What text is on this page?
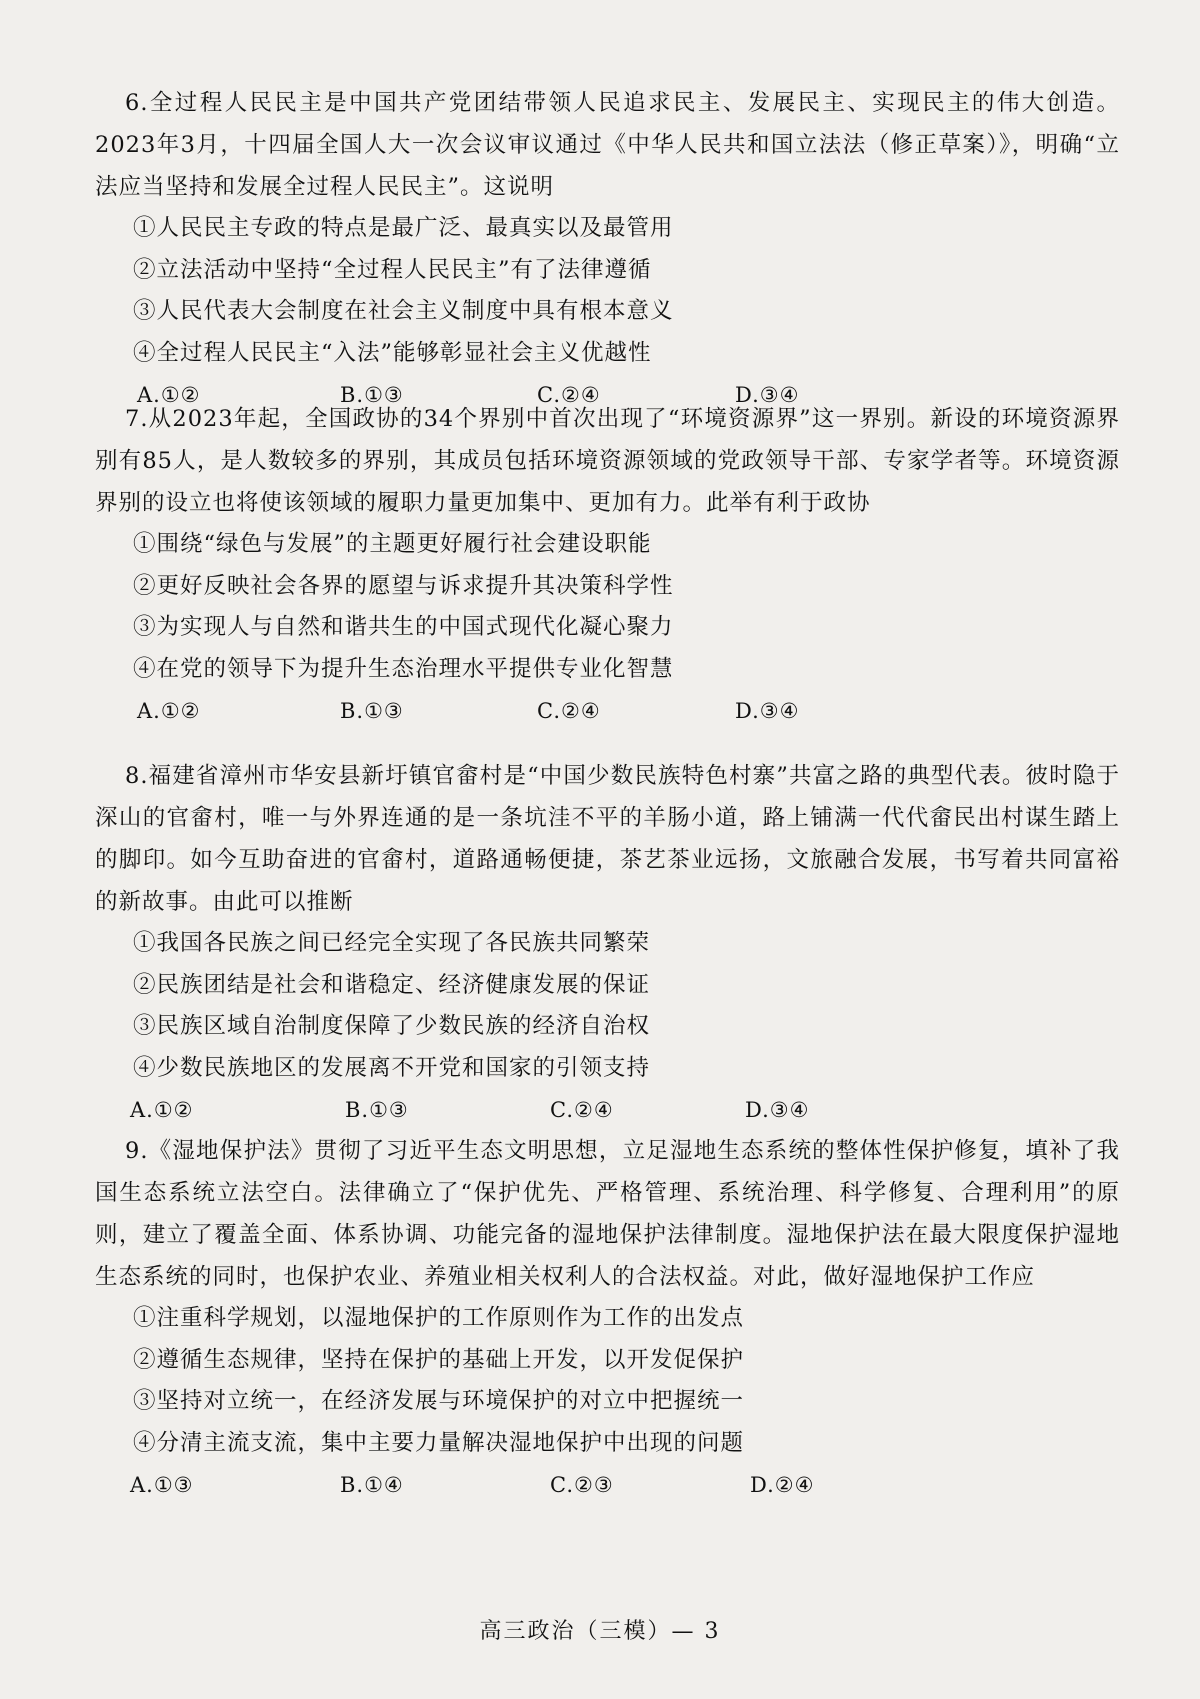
6.全过程人民民主是中国共产党团结带领人民追求民主、发展民主、实现民主的伟大创造。2023年3月，十四届全国人大一次会议审议通过《中华人民共和国立法法（修正草案）》，明确“立法应当坚持和发展全过程人民民主”。这说明

①人民民主专政的特点是最广泛、最真实以及最管用

②立法活动中坚持“全过程人民民主”有了法律遵循

③人民代表大会制度在社会主义制度中具有根本意义

④全过程人民民主“入法”能够彰显社会主义优越性

A.①②	B.①③	C.②④	D.③④

7.从2023年起，全国政协的34个界别中首次出现了“环境资源界”这一界别。新设的环境资源界别有85人，是人数较多的界别，其成员包括环境资源领域的党政领导干部、专家学者等。环境资源界别的设立也将使该领域的履职力量更加集中、更加有力。此举有利于政协

①围绕“绿色与发展”的主题更好履行社会建设职能

②更好反映社会各界的愿望与诉求提升其决策科学性

③为实现人与自然和谐共生的中国式现代化凝心聚力

④在党的领导下为提升生态治理水平提供专业化智慧

A.①②	B.①③	C.②④	D.③④

8.福建省漳州市华安县新圩镇官畲村是“中国少数民族特色村寨”共富之路的典型代表。彼时隐于深山的官畲村，唯一与外界连通的是一条坑洼不平的羊肠小道，路上铺满一代代畲民出村谋生踏上的脚印。如今互助奋进的官畲村，道路通畅便捷，茶艺茶业远扬，文旅融合发展，书写着共同富裕的新故事。由此可以推断

①我国各民族之间已经完全实现了各民族共同繁荣

②民族团结是社会和谐稳定、经济健康发展的保证

③民族区域自治制度保障了少数民族的经济自治权

④少数民族地区的发展离不开党和国家的引领支持

A.①②	B.①③	C.②④	D.③④

9.《湿地保护法》贯彻了习近平生态文明思想，立足湿地生态系统的整体性保护修复，填补了我国生态系统立法空白。法律确立了“保护优先、严格管理、系统治理、科学修复、合理利用”的原则，建立了覆盖全面、体系协调、功能完备的湿地保护法律制度。湿地保护法在最大限度保护湿地生态系统的同时，也保护农业、养殖业相关权利人的合法权益。对此，做好湿地保护工作应

①注重科学规划，以湿地保护的工作原则作为工作的出发点

②遵循生态规律，坚持在保护的基础上开发，以开发促保护

③坚持对立统一，在经济发展与环境保护的对立中把握统一

④分清主流支流，集中主要力量解决湿地保护中出现的问题

A.①③	B.①④	C.②③	D.②④
高三政治（三模）— 3
